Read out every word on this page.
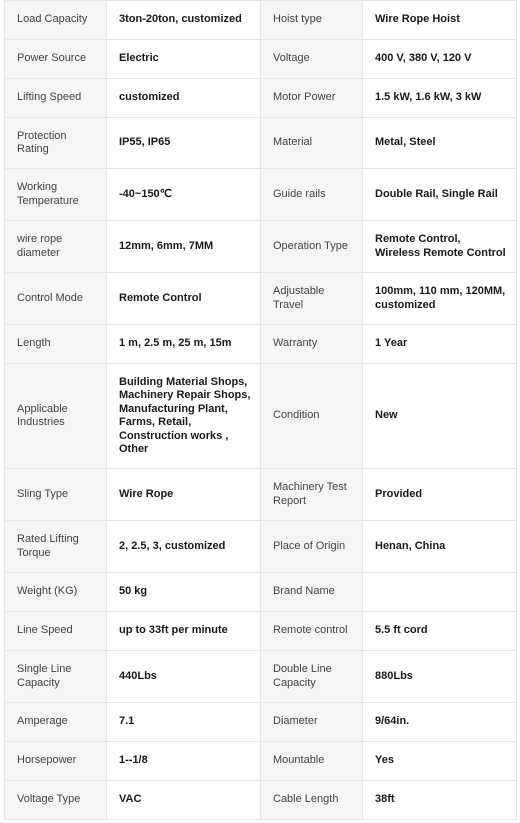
Load Capacity	3ton-20ton, customized	Hoist type	Wire Rope Hoist
Power Source	Electric	Voltage	400 V, 380 V, 120 V
Lifting Speed	customized	Motor Power	1.5 kW, 1.6 kW, 3 kW
Protection Rating	IP55, IP65	Material	Metal, Steel
Working Temperature	-40~150℃	Guide rails	Double Rail, Single Rail
wire rope diameter	12mm, 6mm, 7MM	Operation Type	Remote Control, Wireless Remote Control
Control Mode	Remote Control	Adjustable Travel	100mm, 110 mm, 120MM, customized
Length	1 m, 2.5 m, 25 m, 15m	Warranty	1 Year
Applicable Industries	Building Material Shops, Machinery Repair Shops, Manufacturing Plant, Farms, Retail, Construction works , Other	Condition	New
Sling Type	Wire Rope	Machinery Test Report	Provided
Rated Lifting Torque	2, 2.5, 3, customized	Place of Origin	Henan, China
Weight (KG)	50 kg	Brand Name	
Line Speed	up to 33ft per minute	Remote control	5.5 ft cord
Single Line Capacity	440Lbs	Double Line Capacity	880Lbs
Amperage	7.1	Diameter	9/64in.
Horsepower	1--1/8	Mountable	Yes
Voltage Type	VAC	Cable Length	38ft
